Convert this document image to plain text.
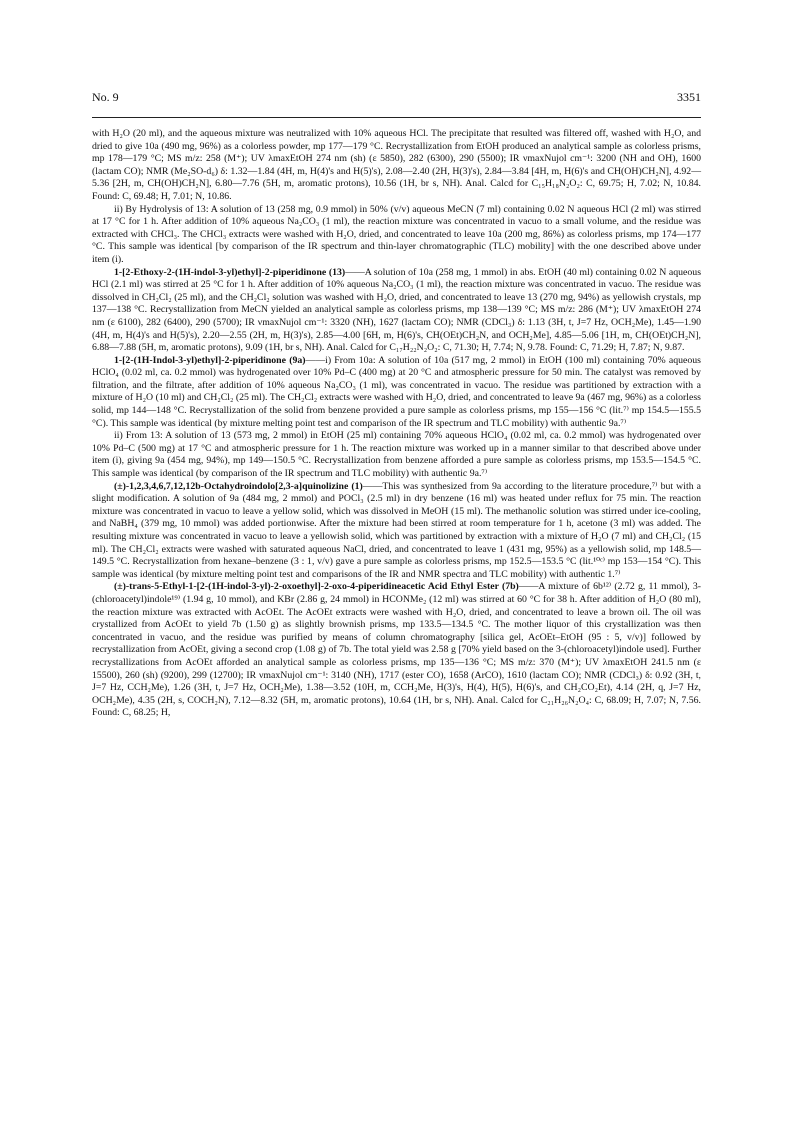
No. 9	3351

with H₂O (20 ml), and the aqueous mixture was neutralized with 10% aqueous HCl. The precipitate that resulted was filtered off, washed with H₂O, and dried to give 10a (490 mg, 96%) as a colorless powder, mp 177—179 °C. Recrystallization from EtOH produced an analytical sample as colorless prisms, mp 178—179 °C; MS m/z: 258 (M⁺); UV λmaxEtOH 274 nm (sh) (ε 5850), 282 (6300), 290 (5500); IR νmaxNujol cm⁻¹: 3200 (NH and OH), 1600 (lactam CO); NMR (Me₂SO-d₆) δ: 1.32—1.84 (4H, m, H(4)'s and H(5)'s), 2.08—2.40 (2H, H(3)'s), 2.84—3.84 [4H, m, H(6)'s and CH(OH)CH₂N], 4.92—5.36 [2H, m, CH(OH)CH₂N], 6.80—7.76 (5H, m, aromatic protons), 10.56 (1H, br s, NH). Anal. Calcd for C₁₅H₁₈N₂O₂: C, 69.75; H, 7.02; N, 10.84. Found: C, 69.48; H, 7.01; N, 10.86.

ii) By Hydrolysis of 13: A solution of 13 (258 mg, 0.9 mmol) in 50% (v/v) aqueous MeCN (7 ml) containing 0.02 N aqueous HCl (2 ml) was stirred at 17 °C for 1 h. After addition of 10% aqueous Na₂CO₃ (1 ml), the reaction mixture was concentrated in vacuo to a small volume, and the residue was extracted with CHCl₃. The CHCl₃ extracts were washed with H₂O, dried, and concentrated to leave 10a (200 mg, 86%) as colorless prisms, mp 174—177 °C. This sample was identical [by comparison of the IR spectrum and thin-layer chromatographic (TLC) mobility] with the one described above under item (i).

1-[2-Ethoxy-2-(1H-indol-3-yl)ethyl]-2-piperidinone (13)——A solution of 10a (258 mg, 1 mmol) in abs. EtOH (40 ml) containing 0.02 N aqueous HCl (2.1 ml) was stirred at 25 °C for 1 h. After addition of 10% aqueous Na₂CO₃ (1 ml), the reaction mixture was concentrated in vacuo. The residue was dissolved in CH₂Cl₂ (25 ml), and the CH₂Cl₂ solution was washed with H₂O, dried, and concentrated to leave 13 (270 mg, 94%) as yellowish crystals, mp 137—138 °C. Recrystallization from MeCN yielded an analytical sample as colorless prisms, mp 138—139 °C; MS m/z: 286 (M⁺); UV λmaxEtOH 274 nm (ε 6100), 282 (6400), 290 (5700); IR νmaxNujol cm⁻¹: 3320 (NH), 1627 (lactam CO); NMR (CDCl₃) δ: 1.13 (3H, t, J=7 Hz, OCH₂Me), 1.45—1.90 (4H, m, H(4)'s and H(5)'s), 2.20—2.55 (2H, m, H(3)'s), 2.85—4.00 [6H, m, H(6)'s, CH(OEt)CH₂N, and OCH₂Me], 4.85—5.06 [1H, m, CH(OEt)CH₂N], 6.88—7.88 (5H, m, aromatic protons), 9.09 (1H, br s, NH). Anal. Calcd for C₁₇H₂₂N₂O₂: C, 71.30; H, 7.74; N, 9.78. Found: C, 71.29; H, 7.87; N, 9.87.

1-[2-(1H-Indol-3-yl)ethyl]-2-piperidinone (9a)——i) From 10a: A solution of 10a (517 mg, 2 mmol) in EtOH (100 ml) containing 70% aqueous HClO₄ (0.02 ml, ca. 0.2 mmol) was hydrogenated over 10% Pd–C (400 mg) at 20 °C and atmospheric pressure for 50 min. The catalyst was removed by filtration, and the filtrate, after addition of 10% aqueous Na₂CO₃ (1 ml), was concentrated in vacuo. The residue was partitioned by extraction with a mixture of H₂O (10 ml) and CH₂Cl₂ (25 ml). The CH₂Cl₂ extracts were washed with H₂O, dried, and concentrated to leave 9a (467 mg, 96%) as a colorless solid, mp 144—148 °C. Recrystallization of the solid from benzene provided a pure sample as colorless prisms, mp 155—156 °C (lit.⁷⁾ mp 154.5—155.5 °C). This sample was identical (by mixture melting point test and comparison of the IR spectrum and TLC mobility) with authentic 9a.⁷⁾

ii) From 13: A solution of 13 (573 mg, 2 mmol) in EtOH (25 ml) containing 70% aqueous HClO₄ (0.02 ml, ca. 0.2 mmol) was hydrogenated over 10% Pd–C (500 mg) at 17 °C and atmospheric pressure for 1 h. The reaction mixture was worked up in a manner similar to that described above under item (i), giving 9a (454 mg, 94%), mp 149—150.5 °C. Recrystallization from benzene afforded a pure sample as colorless prisms, mp 153.5—154.5 °C. This sample was identical (by comparison of the IR spectrum and TLC mobility) with authentic 9a.⁷⁾

(±)-1,2,3,4,6,7,12,12b-Octahydroindolo[2,3-a]quinolizine (1)——This was synthesized from 9a according to the literature procedure,⁷⁾ but with a slight modification. A solution of 9a (484 mg, 2 mmol) and POCl₃ (2.5 ml) in dry benzene (16 ml) was heated under reflux for 75 min. The reaction mixture was concentrated in vacuo to leave a yellow solid, which was dissolved in MeOH (15 ml). The methanolic solution was stirred under ice-cooling, and NaBH₄ (379 mg, 10 mmol) was added portionwise. After the mixture had been stirred at room temperature for 1 h, acetone (3 ml) was added. The resulting mixture was concentrated in vacuo to leave a yellowish solid, which was partitioned by extraction with a mixture of H₂O (7 ml) and CH₂Cl₂ (15 ml). The CH₂Cl₂ extracts were washed with saturated aqueous NaCl, dried, and concentrated to leave 1 (431 mg, 95%) as a yellowish solid, mp 148.5—149.5 °C. Recrystallization from hexane–benzene (3 : 1, v/v) gave a pure sample as colorless prisms, mp 152.5—153.5 °C (lit.¹⁰ᶜ⁾ mp 153—154 °C). This sample was identical (by mixture melting point test and comparisons of the IR and NMR spectra and TLC mobility) with authentic 1.⁷⁾

(±)-trans-5-Ethyl-1-[2-(1H-indol-3-yl)-2-oxoethyl]-2-oxo-4-piperidineacetic Acid Ethyl Ester (7b)——A mixture of 6b¹²⁾ (2.72 g, 11 mmol), 3-(chloroacetyl)indole¹⁹⁾ (1.94 g, 10 mmol), and KBr (2.86 g, 24 mmol) in HCONMe₂ (12 ml) was stirred at 60 °C for 38 h. After addition of H₂O (80 ml), the reaction mixture was extracted with AcOEt. The AcOEt extracts were washed with H₂O, dried, and concentrated to leave a brown oil. The oil was crystallized from AcOEt to yield 7b (1.50 g) as slightly brownish prisms, mp 133.5—134.5 °C. The mother liquor of this crystallization was then concentrated in vacuo, and the residue was purified by means of column chromatography [silica gel, AcOEt–EtOH (95 : 5, v/v)] followed by recrystallization from AcOEt, giving a second crop (1.08 g) of 7b. The total yield was 2.58 g [70% yield based on the 3-(chloroacetyl)indole used]. Further recrystallizations from AcOEt afforded an analytical sample as colorless prisms, mp 135—136 °C; MS m/z: 370 (M⁺); UV λmaxEtOH 241.5 nm (ε 15500), 260 (sh) (9200), 299 (12700); IR νmaxNujol cm⁻¹: 3140 (NH), 1717 (ester CO), 1658 (ArCO), 1610 (lactam CO); NMR (CDCl₃) δ: 0.92 (3H, t, J=7 Hz, CCH₂Me), 1.26 (3H, t, J=7 Hz, OCH₂Me), 1.38—3.52 (10H, m, CCH₂Me, H(3)'s, H(4), H(5), H(6)'s, and CH₂CO₂Et), 4.14 (2H, q, J=7 Hz, OCH₂Me), 4.35 (2H, s, COCH₂N), 7.12—8.32 (5H, m, aromatic protons), 10.64 (1H, br s, NH). Anal. Calcd for C₂₁H₂₆N₂O₄: C, 68.09; H, 7.07; N, 7.56. Found: C, 68.25; H,
